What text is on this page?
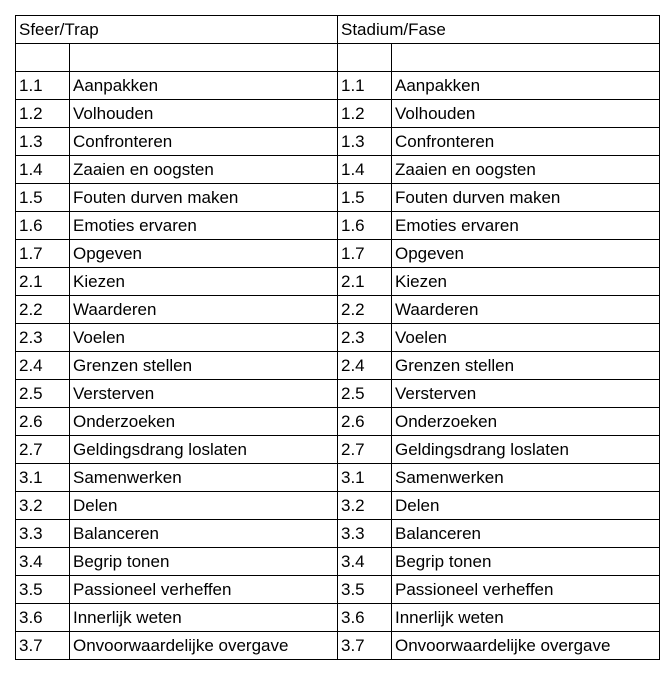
Sfeer/Trap		Stadium/Fase	

1.1	Aanpakken	1.1	Aanpakken
1.2	Volhouden	1.2	Volhouden
1.3	Confronteren	1.3	Confronteren
1.4	Zaaien en oogsten	1.4	Zaaien en oogsten
1.5	Fouten durven maken	1.5	Fouten durven maken
1.6	Emoties ervaren	1.6	Emoties ervaren
1.7	Opgeven	1.7	Opgeven
2.1	Kiezen	2.1	Kiezen
2.2	Waarderen	2.2	Waarderen
2.3	Voelen	2.3	Voelen
2.4	Grenzen stellen	2.4	Grenzen stellen
2.5	Versterven	2.5	Versterven
2.6	Onderzoeken	2.6	Onderzoeken
2.7	Geldingsdrang loslaten	2.7	Geldingsdrang loslaten
3.1	Samenwerken	3.1	Samenwerken
3.2	Delen	3.2	Delen
3.3	Balanceren	3.3	Balanceren
3.4	Begrip tonen	3.4	Begrip tonen
3.5	Passioneel verheffen	3.5	Passioneel verheffen
3.6	Innerlijk weten	3.6	Innerlijk weten
3.7	Onvoorwaardelijke overgave	3.7	Onvoorwaardelijke overgave
